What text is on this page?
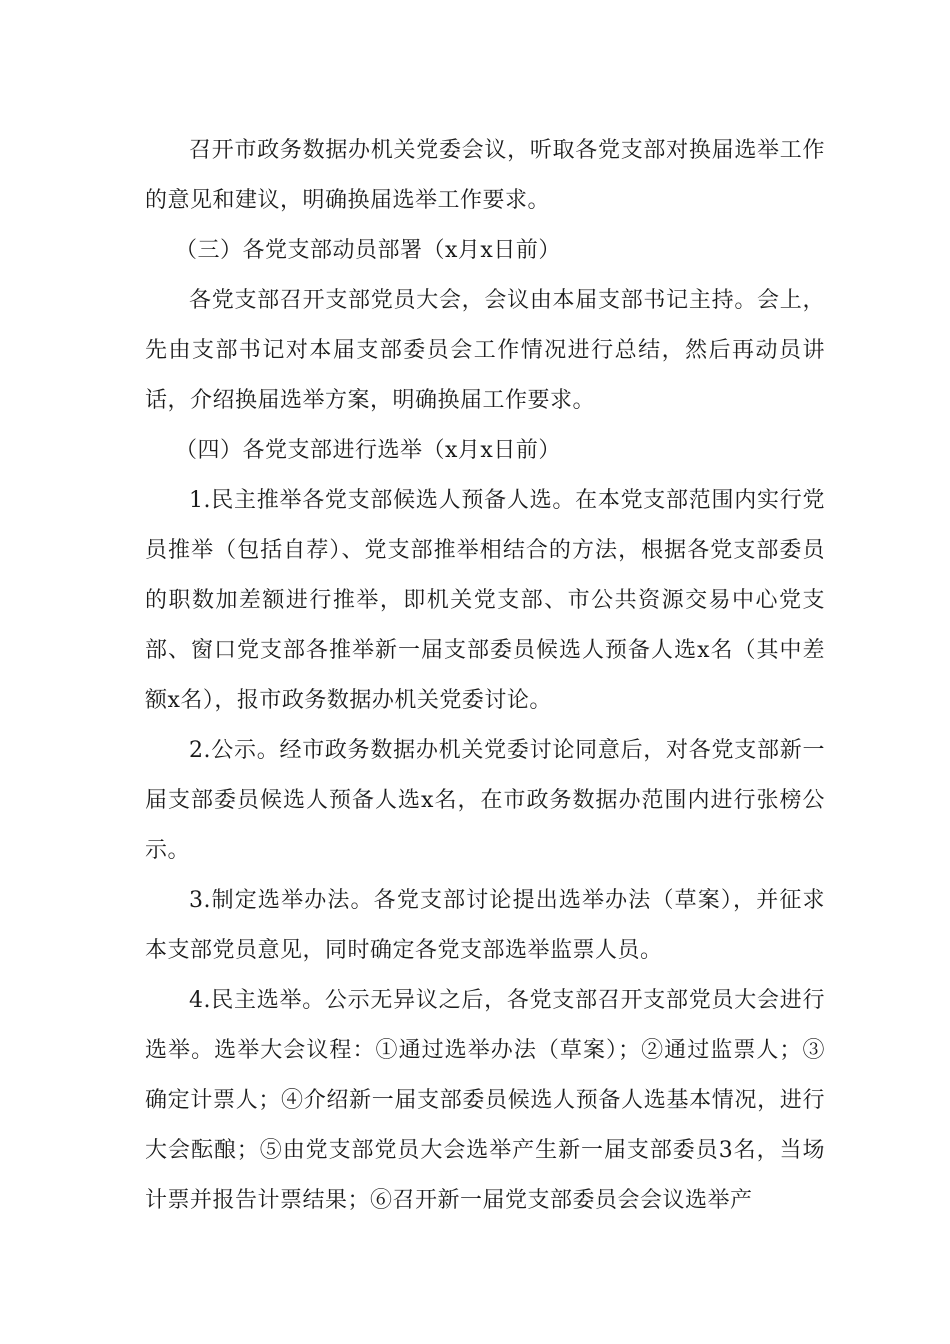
召开市政务数据办机关党委会议，听取各党支部对换届选举工作的意见和建议，明确换届选举工作要求。

（三）各党支部动员部署（x月x日前）

各党支部召开支部党员大会，会议由本届支部书记主持。会上，先由支部书记对本届支部委员会工作情况进行总结，然后再动员讲话，介绍换届选举方案，明确换届工作要求。

（四）各党支部进行选举（x月x日前）

1.民主推举各党支部候选人预备人选。在本党支部范围内实行党员推举（包括自荐）、党支部推举相结合的方法，根据各党支部委员的职数加差额进行推举，即机关党支部、市公共资源交易中心党支部、窗口党支部各推举新一届支部委员候选人预备人选x名（其中差额x名），报市政务数据办机关党委讨论。

2.公示。经市政务数据办机关党委讨论同意后，对各党支部新一届支部委员候选人预备人选x名，在市政务数据办范围内进行张榜公示。

3.制定选举办法。各党支部讨论提出选举办法（草案），并征求本支部党员意见，同时确定各党支部选举监票人员。

4.民主选举。公示无异议之后，各党支部召开支部党员大会进行选举。选举大会议程：①通过选举办法（草案）；②通过监票人；③确定计票人；④介绍新一届支部委员候选人预备人选基本情况，进行大会酝酿；⑤由党支部党员大会选举产生新一届支部委员3名，当场计票并报告计票结果；⑥召开新一届党支部委员会会议选举产
